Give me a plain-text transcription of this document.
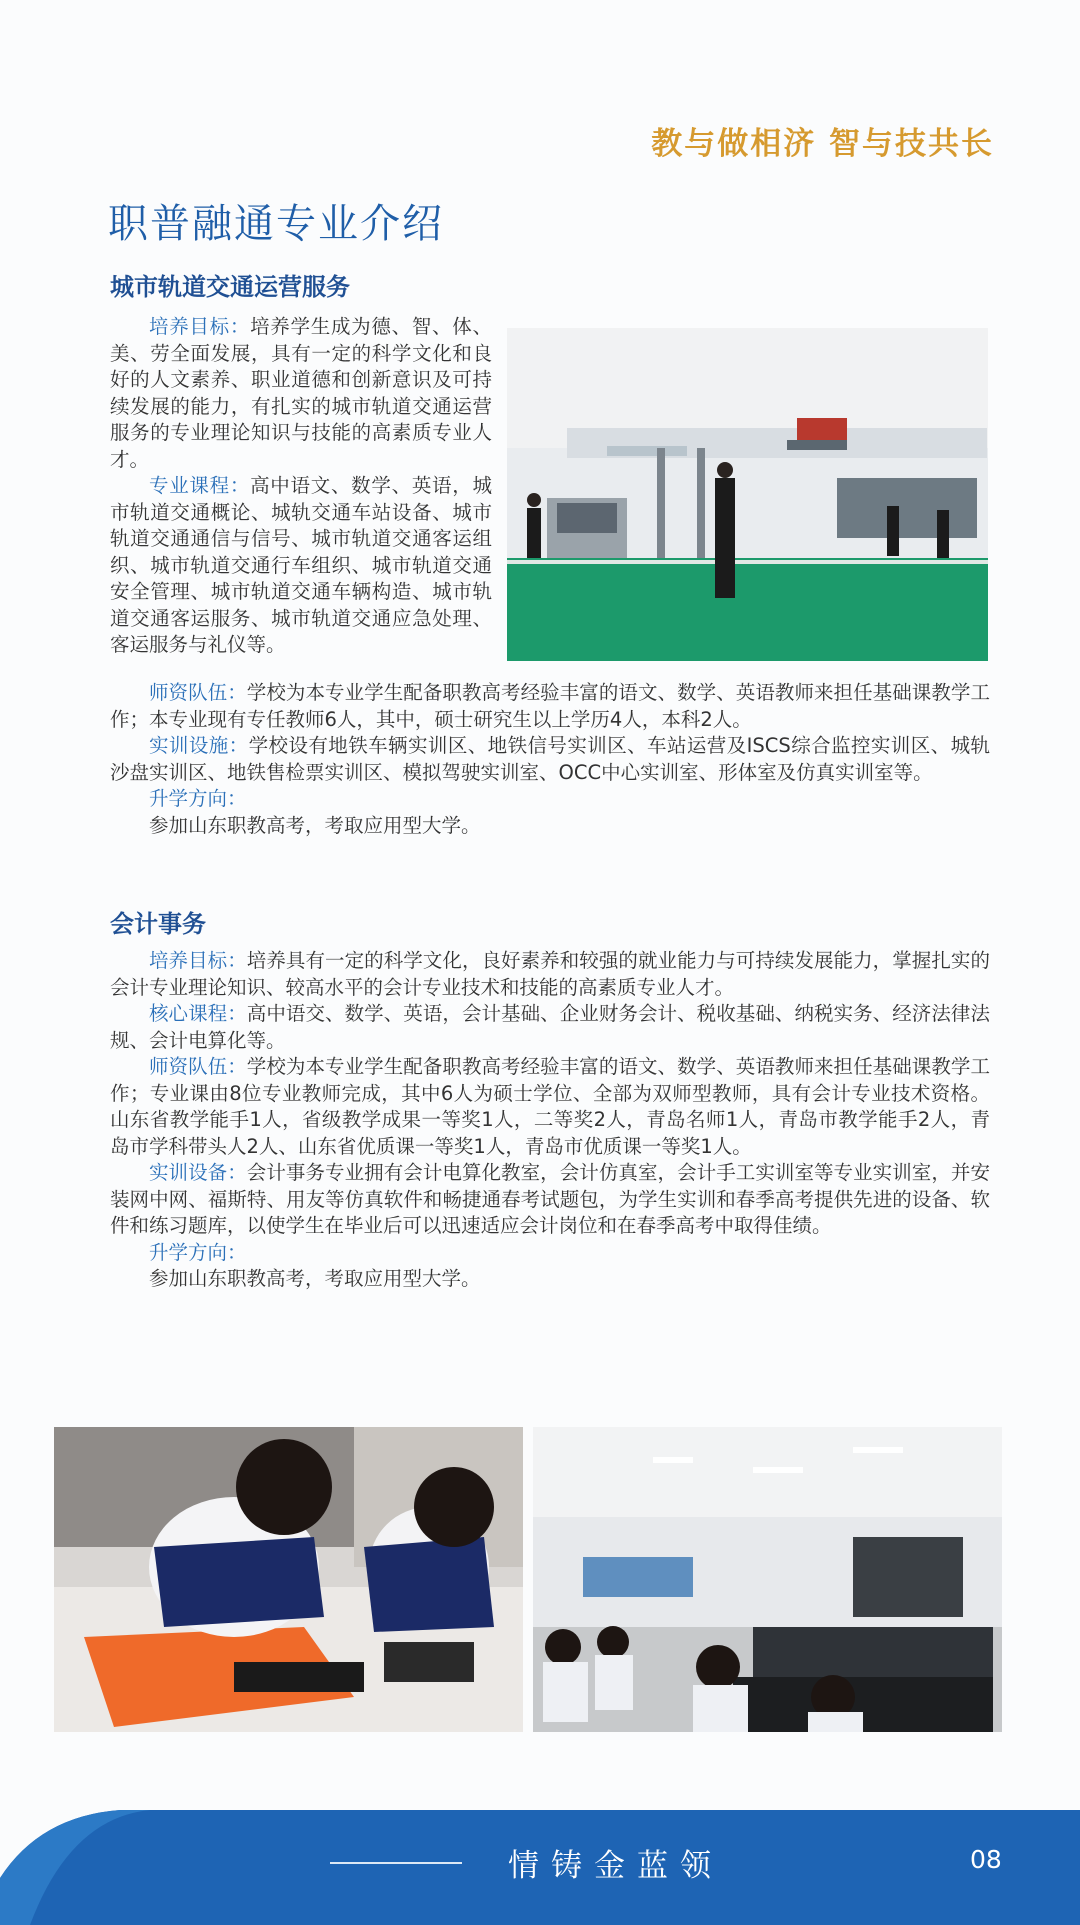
教与做相济 智与技共长
职普融通专业介绍
城市轨道交通运营服务

培养目标：培养学生成为德、智、体、美、劳全面发展，具有一定的科学文化和良好的人文素养、职业道德和创新意识及可持续发展的能力，有扎实的城市轨道交通运营服务的专业理论知识与技能的高素质专业人才。

专业课程：高中语文、数学、英语，城市轨道交通概论、城轨交通车站设备、城市轨道交通通信与信号、城市轨道交通客运组织、城市轨道交通行车组织、城市轨道交通安全管理、城市轨道交通车辆构造、城市轨道交通客运服务、城市轨道交通应急处理、客运服务与礼仪等。

师资队伍：学校为本专业学生配备职教高考经验丰富的语文、数学、英语教师来担任基础课教学工作；本专业现有专任教师6人，其中，硕士研究生以上学历4人，本科2人。

实训设施：学校设有地铁车辆实训区、地铁信号实训区、车站运营及ISCS综合监控实训区、城轨沙盘实训区、地铁售检票实训区、模拟驾驶实训室、OCC中心实训室、形体室及仿真实训室等。

升学方向：

参加山东职教高考，考取应用型大学。

会计事务

培养目标：培养具有一定的科学文化，良好素养和较强的就业能力与可持续发展能力，掌握扎实的会计专业理论知识、较高水平的会计专业技术和技能的高素质专业人才。

核心课程：高中语交、数学、英语，会计基础、企业财务会计、税收基础、纳税实务、经济法律法规、会计电算化等。

师资队伍：学校为本专业学生配备职教高考经验丰富的语文、数学、英语教师来担任基础课教学工作；专业课由8位专业教师完成，其中6人为硕士学位、全部为双师型教师，具有会计专业技术资格。山东省教学能手1人，省级教学成果一等奖1人，二等奖2人，青岛名师1人，青岛市教学能手2人，青岛市学科带头人2人、山东省优质课一等奖1人，青岛市优质课一等奖1人。

实训设备：会计事务专业拥有会计电算化教室，会计仿真室，会计手工实训室等专业实训室，并安装网中网、福斯特、用友等仿真软件和畅捷通春考试题包，为学生实训和春季高考提供先进的设备、软件和练习题库，以使学生在毕业后可以迅速适应会计岗位和在春季高考中取得佳绩。

升学方向：

参加山东职教高考，考取应用型大学。

情铸金蓝领	08
